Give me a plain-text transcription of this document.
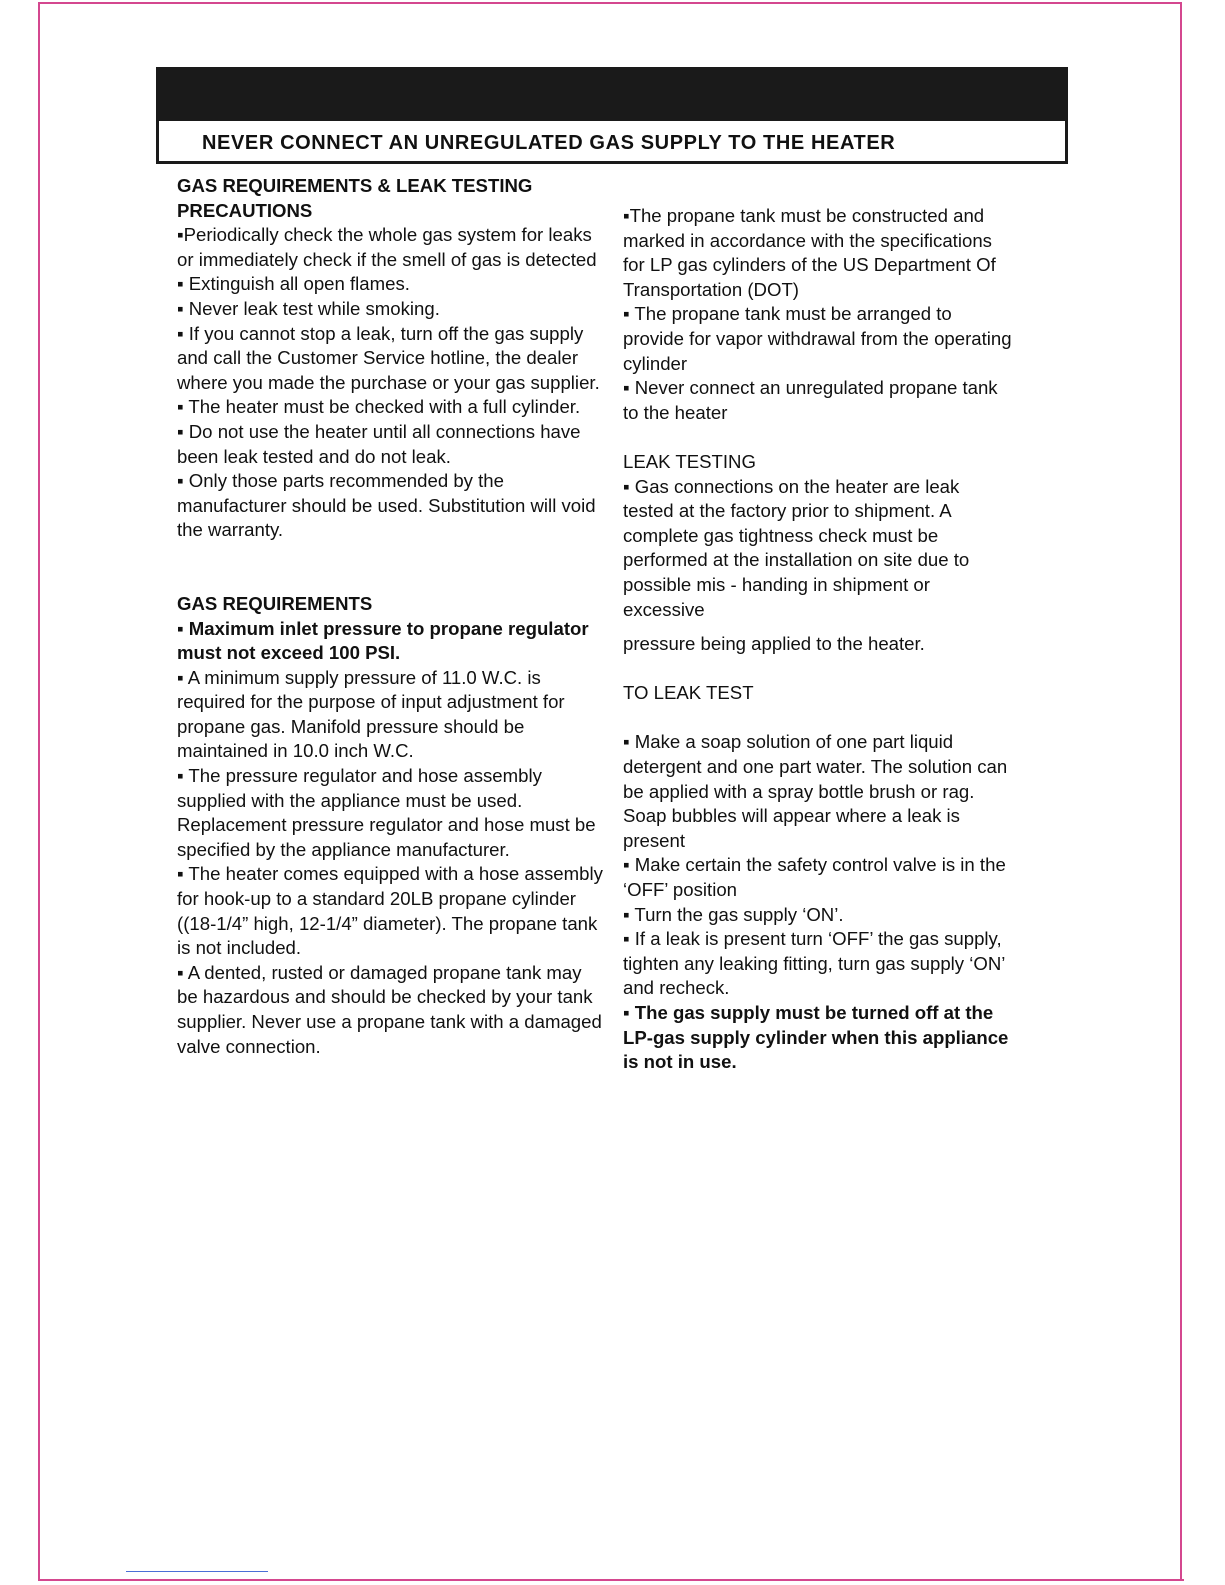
NEVER CONNECT AN UNREGULATED GAS SUPPLY TO THE HEATER

GAS REQUIREMENTS & LEAK TESTING

PRECAUTIONS

▪Periodically check the whole gas system for leaks or immediately check if the smell of gas is detected

▪ Extinguish all open flames.

▪ Never leak test while smoking.

▪ If you cannot stop a leak, turn off the gas supply and call the Customer Service hotline, the dealer where you made the purchase or your gas supplier.

▪ The heater must be checked with a full cylinder.

▪ Do not use the heater until all connections have been leak tested and do not leak.

▪ Only those parts recommended by the manufacturer should be used. Substitution will void the warranty.

GAS REQUIREMENTS

▪ Maximum inlet pressure to propane regulator must not exceed 100 PSI.

▪ A minimum supply pressure of 11.0 W.C. is required for the purpose of input adjustment for propane gas. Manifold pressure should be maintained in 10.0 inch W.C.

▪ The pressure regulator and hose assembly supplied with the appliance must be used. Replacement pressure regulator and hose must be specified by the appliance manufacturer.

▪ The heater comes equipped with a hose assembly for hook-up to a standard 20LB propane cylinder ((18-1/4” high, 12-1/4” diameter). The propane tank is not included.

▪ A dented, rusted or damaged propane tank may be hazardous and should be checked by your tank supplier. Never use a propane tank with a damaged valve connection.

▪The propane tank must be constructed and marked in accordance with the specifications for LP gas cylinders of the US Department Of Transportation (DOT)

▪ The propane tank must be arranged to provide for vapor withdrawal from the operating cylinder

▪ Never connect an unregulated propane tank to the heater

LEAK TESTING

▪ Gas connections on the heater are leak tested at the factory prior to shipment. A complete gas tightness check must be performed at the installation on site due to possible mis - handing in shipment or excessive

pressure being applied to the heater.

TO LEAK TEST

▪ Make a soap solution of one part liquid detergent and one part water. The solution can be applied with a spray bottle brush or rag. Soap bubbles will appear where a leak is present

▪ Make certain the safety control valve is in the ‘OFF’ position

▪ Turn the gas supply ‘ON’.

▪ If a leak is present turn ‘OFF’ the gas supply, tighten any leaking fitting, turn gas supply ‘ON’ and recheck.

▪ The gas supply must be turned off at the LP-gas supply cylinder when this appliance is not in use.
